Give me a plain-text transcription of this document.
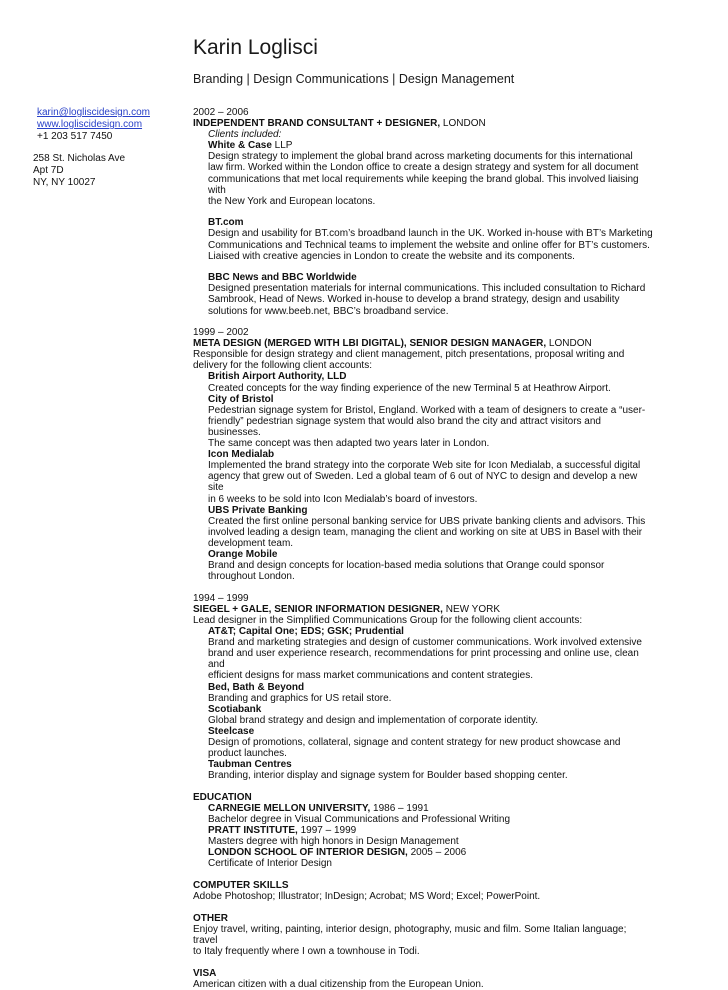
Karin Loglisci
Branding | Design Communications | Design Management
karin@logliscidesign.com
www.logliscidesign.com
+1 203 517 7450
258 St. Nicholas Ave
Apt 7D
NY, NY 10027
2002 – 2006
INDEPENDENT BRAND CONSULTANT + DESIGNER, LONDON
Clients included:
White & Case LLP
Design strategy to implement the global brand across marketing documents for this international
law firm. Worked within the London office to create a design strategy and system for all document
communications that met local requirements while keeping the brand global. This involved liaising with
the New York and European locatons.
BT.com
Design and usability for BT.com’s broadband launch in the UK. Worked in-house with BT’s Marketing
Communications and Technical teams to implement the website and online offer for BT’s customers.
Liaised with creative agencies in London to create the website and its components.
BBC News and BBC Worldwide
Designed presentation materials for internal communications. This included consultation to Richard
Sambrook, Head of News. Worked in-house to develop a brand strategy, design and usability
solutions for www.beeb.net, BBC’s broadband service.
1999 – 2002
META DESIGN (MERGED WITH LBI DIGITAL), SENIOR DESIGN MANAGER, LONDON
Responsible for design strategy and client management, pitch presentations, proposal writing and
delivery for the following client accounts:
British Airport Authority, LLD
Created concepts for the way finding experience of the new Terminal 5 at Heathrow Airport.
City of Bristol
Pedestrian signage system for Bristol, England. Worked with a team of designers to create a “user-
friendly” pedestrian signage system that would also brand the city and attract visitors and businesses.
The same concept was then adapted two years later in London.
Icon Medialab
Implemented the brand strategy into the corporate Web site for Icon Medialab, a successful digital
agency that grew out of Sweden. Led a global team of 6 out of NYC to design and develop a new site
in 6 weeks to be sold into Icon Medialab’s board of investors.
UBS Private Banking
Created the first online personal banking service for UBS private banking clients and advisors. This
involved leading a design team, managing the client and working on site at UBS in Basel with their
development team.
Orange Mobile
Brand and design concepts for location-based media solutions that Orange could sponsor
throughout London.
1994 – 1999
SIEGEL + GALE, SENIOR INFORMATION DESIGNER, NEW YORK
Lead designer in the Simplified Communications Group for the following client accounts:
AT&T; Capital One; EDS; GSK; Prudential
Brand and marketing strategies and design of customer communications. Work involved extensive
brand and user experience research, recommendations for print processing and online use, clean and
efficient designs for mass market communications and content strategies.
Bed, Bath & Beyond
Branding and graphics for US retail store.
Scotiabank
Global brand strategy and design and implementation of corporate identity.
Steelcase
Design of promotions, collateral, signage and content strategy for new product showcase and product launches.
Taubman Centres
Branding, interior display and signage system for Boulder based shopping center.
EDUCATION
CARNEGIE MELLON UNIVERSITY, 1986 – 1991
Bachelor degree in Visual Communications and Professional Writing
PRATT INSTITUTE, 1997 – 1999
Masters degree with high honors in Design Management
LONDON SCHOOL OF INTERIOR DESIGN, 2005 – 2006
Certificate of Interior Design
COMPUTER SKILLS
Adobe Photoshop; Illustrator; InDesign; Acrobat; MS Word; Excel; PowerPoint.
OTHER
Enjoy travel, writing, painting, interior design, photography, music and film. Some Italian language; travel
to Italy frequently where I own a townhouse in Todi.
VISA
American citizen with a dual citizenship from the European Union.
